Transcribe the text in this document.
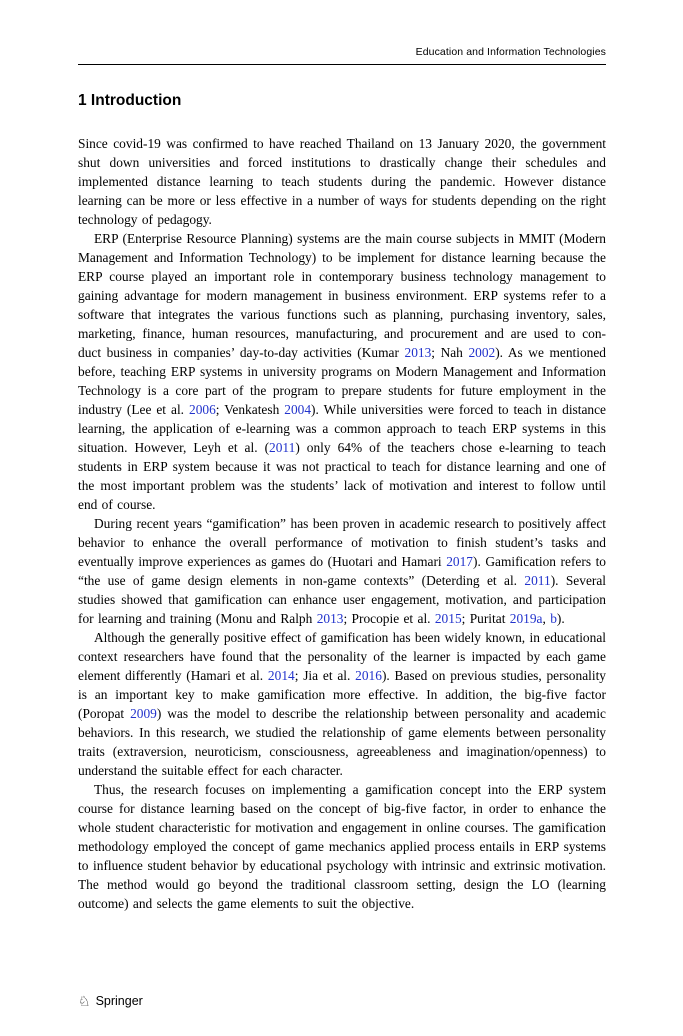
Education and Information Technologies
1 Introduction

Since covid-19 was confirmed to have reached Thailand on 13 January 2020, the government shut down universities and forced institutions to drastically change their schedules and implemented distance learning to teach students during the pandemic. However distance learning can be more or less effective in a number of ways for students depending on the right technology of pedagogy.

ERP (Enterprise Resource Planning) systems are the main course subjects in MMIT (Modern Management and Information Technology) to be implement for distance learning because the ERP course played an important role in contemporary business technology management to gaining advantage for modern management in business environment. ERP systems refer to a software that integrates the various functions such as planning, purchasing inventory, sales, marketing, finance, human resources, manufacturing, and procurement and are used to con- duct business in companies’ day-to-day activities (Kumar 2013; Nah 2002). As we mentioned before, teaching ERP systems in university programs on Modern Management and Information Technology is a core part of the program to prepare students for future employment in the industry (Lee et al. 2006; Venkatesh 2004). While universities were forced to teach in distance learning, the application of e-learning was a common approach to teach ERP systems in this situation. However, Leyh et al. (2011) only 64% of the teachers chose e-learning to teach students in ERP system because it was not practical to teach for distance learning and one of the most important problem was the students’ lack of motivation and interest to follow until end of course.

During recent years “gamification” has been proven in academic research to positively affect behavior to enhance the overall performance of motivation to finish student’s tasks and eventually improve experiences as games do (Huotari and Hamari 2017). Gamification refers to “the use of game design elements in non-game contexts” (Deterding et al. 2011). Several studies showed that gamification can enhance user engagement, motivation, and participation for learning and training (Monu and Ralph 2013; Procopie et al. 2015; Puritat 2019a, b).

Although the generally positive effect of gamification has been widely known, in educational context researchers have found that the personality of the learner is impacted by each game element differently (Hamari et al. 2014; Jia et al. 2016). Based on previous studies, personality is an important key to make gamification more effective. In addition, the big-five factor (Poropat 2009) was the model to describe the relationship between personality and academic behaviors. In this research, we studied the relationship of game elements between personality traits (extraversion, neuroticism, consciousness, agreeableness and imagination/openness) to understand the suitable effect for each character.

Thus, the research focuses on implementing a gamification concept into the ERP system course for distance learning based on the concept of big-five factor, in order to enhance the whole student characteristic for motivation and engagement in online courses. The gamification methodology employed the concept of game mechanics applied process entails in ERP systems to influence student behavior by educational psychology with intrinsic and extrinsic motivation. The method would go beyond the traditional classroom setting, design the LO (learning outcome) and selects the game elements to suit the objective.

♘ Springer
